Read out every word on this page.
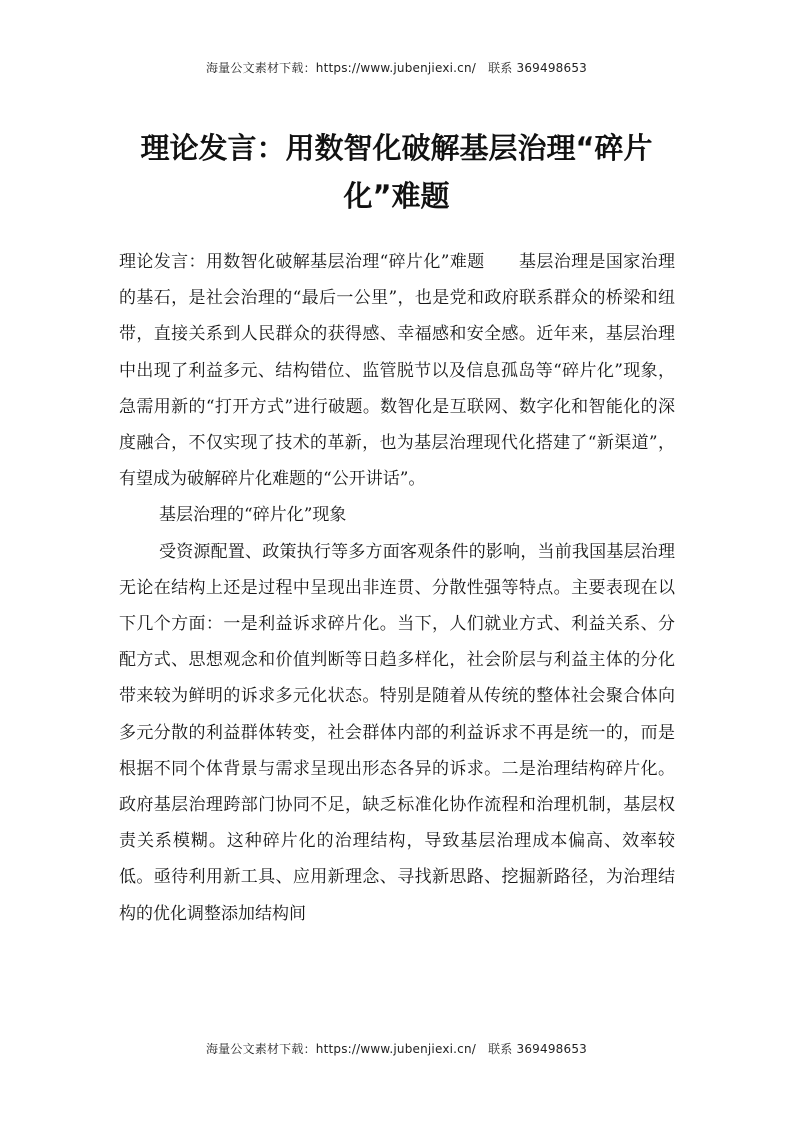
海量公文素材下载：https://www.jubenjiexi.cn/ 联系 369498653
理论发言：用数智化破解基层治理“碎片化”难题

理论发言：用数智化破解基层治理“碎片化”难题 基层治理是国家治理的基石，是社会治理的“最后一公里”，也是党和政府联系群众的桥梁和纽带，直接关系到人民群众的获得感、幸福感和安全感。近年来，基层治理中出现了利益多元、结构错位、监管脱节以及信息孤岛等“碎片化”现象，急需用新的“打开方式”进行破题。数智化是互联网、数字化和智能化的深度融合，不仅实现了技术的革新，也为基层治理现代化搭建了“新渠道”，有望成为破解碎片化难题的“公开讲话”。

基层治理的“碎片化”现象

受资源配置、政策执行等多方面客观条件的影响，当前我国基层治理无论在结构上还是过程中呈现出非连贯、分散性强等特点。主要表现在以下几个方面：一是利益诉求碎片化。当下，人们就业方式、利益关系、分配方式、思想观念和价值判断等日趋多样化，社会阶层与利益主体的分化带来较为鲜明的诉求多元化状态。特别是随着从传统的整体社会聚合体向多元分散的利益群体转变，社会群体内部的利益诉求不再是统一的，而是根据不同个体背景与需求呈现出形态各异的诉求。二是治理结构碎片化。政府基层治理跨部门协同不足，缺乏标准化协作流程和治理机制，基层权责关系模糊。这种碎片化的治理结构，导致基层治理成本偏高、效率较低。亟待利用新工具、应用新理念、寻找新思路、挖掘新路径，为治理结构的优化调整添加结构间

海量公文素材下载：https://www.jubenjiexi.cn/ 联系 369498653
